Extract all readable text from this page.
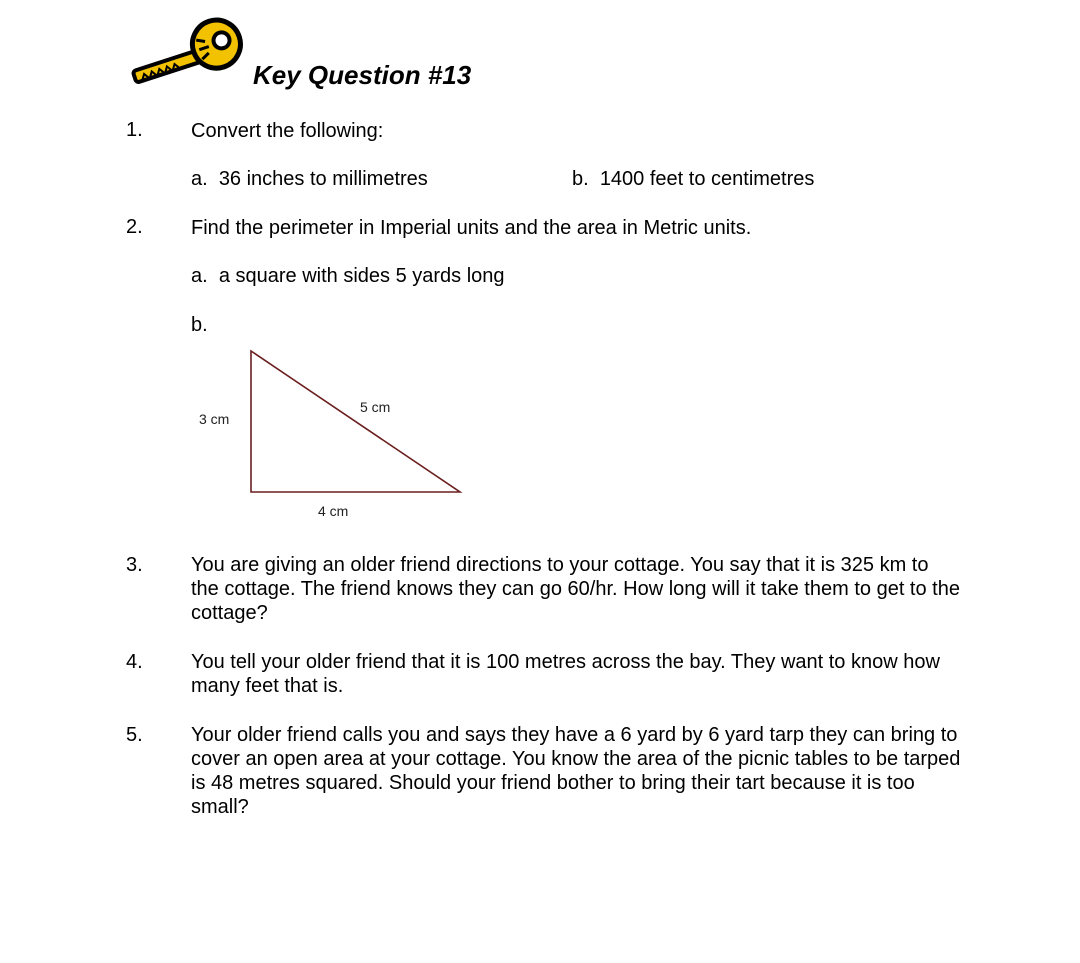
Key Question #13
1. Convert the following:
a. 36 inches to millimetres	b. 1400 feet to centimetres
2. Find the perimeter in Imperial units and the area in Metric units.
a. a square with sides 5 yards long
b.
3 cm
5 cm
4 cm
3. You are giving an older friend directions to your cottage. You say that it is 325 km to the cottage. The friend knows they can go 60/hr. How long will it take them to get to the cottage?
4. You tell your older friend that it is 100 metres across the bay. They want to know how many feet that is.
5. Your older friend calls you and says they have a 6 yard by 6 yard tarp they can bring to cover an open area at your cottage. You know the area of the picnic tables to be tarped is 48 metres squared. Should your friend bother to bring their tart because it is too small?
